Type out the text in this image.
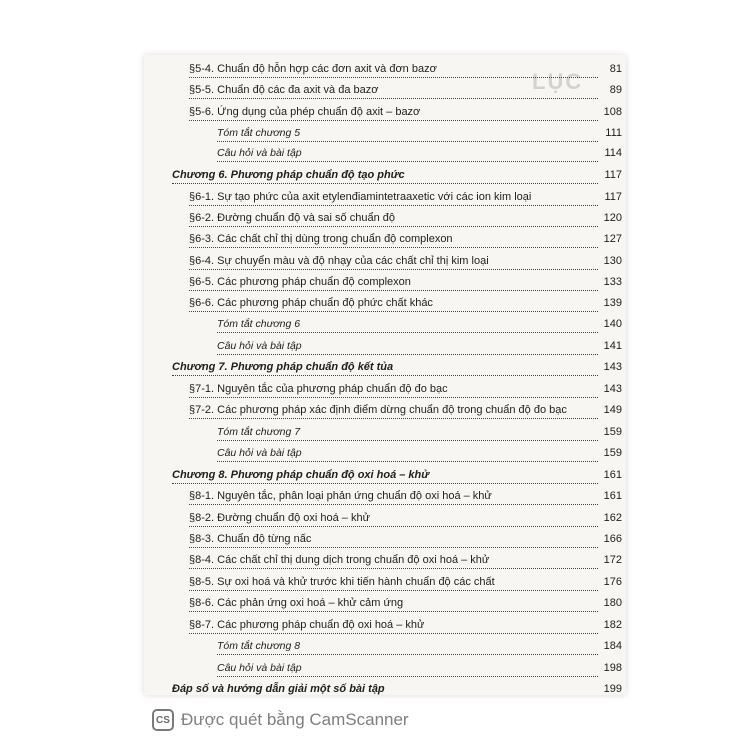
LỤC
§5-4. Chuẩn độ hỗn hợp các đơn axit và đơn bazơ	81
§5-5. Chuẩn độ các đa axit và đa bazơ	89
§5-6. Ứng dụng của phép chuẩn độ axit – bazơ	108
Tóm tắt chương 5	111
Câu hỏi và bài tập	114
Chương 6. Phương pháp chuẩn độ tạo phức	117
§6-1. Sự tạo phức của axit etylenđiamintetraaxetic với các ion kim loại	117
§6-2. Đường chuẩn độ và sai số chuẩn độ	120
§6-3. Các chất chỉ thị dùng trong chuẩn độ complexon	127
§6-4. Sự chuyển màu và độ nhạy của các chất chỉ thị kim loại	130
§6-5. Các phương pháp chuẩn độ complexon	133
§6-6. Các phương pháp chuẩn độ phức chất khác	139
Tóm tắt chương 6	140
Câu hỏi và bài tập	141
Chương 7. Phương pháp chuẩn độ kết tủa	143
§7-1. Nguyên tắc của phương pháp chuẩn độ đo bạc	143
§7-2. Các phương pháp xác định điểm dừng chuẩn độ trong chuẩn độ đo bạc	149
Tóm tắt chương 7	159
Câu hỏi và bài tập	159
Chương 8. Phương pháp chuẩn độ oxi hoá – khử	161
§8-1. Nguyên tắc, phân loại phản ứng chuẩn độ oxi hoá – khử	161
§8-2. Đường chuẩn độ oxi hoá – khử	162
§8-3. Chuẩn độ từng nấc	166
§8-4. Các chất chỉ thị dung dịch trong chuẩn độ oxi hoá – khử	172
§8-5. Sự oxi hoá và khử trước khi tiến hành chuẩn độ các chất	176
§8-6. Các phản ứng oxi hoá – khử cảm ứng	180
§8-7. Các phương pháp chuẩn độ oxi hoá – khử	182
Tóm tắt chương 8	184
Câu hỏi và bài tập	198
Đáp số và hướng dẫn giải một số bài tập	199
CS Được quét bằng CamScanner
